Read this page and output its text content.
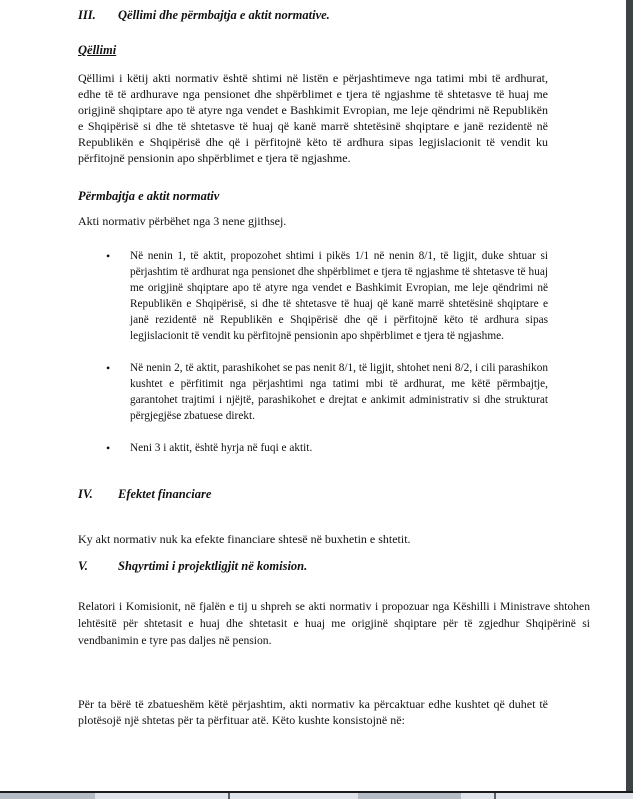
III.	Qëllimi dhe përmbajtja e aktit normative.
Qëllimi

Qëllimi i këtij akti normativ është shtimi në listën e përjashtimeve nga tatimi mbi të ardhurat, edhe të të ardhurave nga pensionet dhe shpërblimet e tjera të ngjashme të shtetasve të huaj me origjinë shqiptare apo të atyre nga vendet e Bashkimit Evropian, me leje qëndrimi në Republikën e Shqipërisë si dhe të shtetasve të huaj që kanë marrë shtetësinë shqiptare e janë rezidentë në Republikën e Shqipërisë dhe që i përfitojnë këto të ardhura sipas legjislacionit të vendit ku përfitojnë pensionin apo shpërblimet e tjera të ngjashme.

Përmbajtja e aktit normativ

Akti normativ përbëhet nga 3 nene gjithsej.

• Në nenin 1, të aktit, propozohet shtimi i pikës 1/1 në nenin 8/1, të ligjit, duke shtuar si përjashtim të ardhurat nga pensionet dhe shpërblimet e tjera të ngjashme të shtetasve të huaj me origjinë shqiptare apo të atyre nga vendet e Bashkimit Evropian, me leje qëndrimi në Republikën e Shqipërisë, si dhe të shtetasve të huaj që kanë marrë shtetësinë shqiptare e janë rezidentë në Republikën e Shqipërisë dhe që i përfitojnë këto të ardhura sipas legjislacionit të vendit ku përfitojnë pensionin apo shpërblimet e tjera të ngjashme.
• Në nenin 2, të aktit, parashikohet se pas nenit 8/1, të ligjit, shtohet neni 8/2, i cili parashikon kushtet e përfitimit nga përjashtimi nga tatimi mbi të ardhurat, me këtë përmbajtje, garantohet trajtimi i njëjtë, parashikohet e drejtat e ankimit administrativ si dhe strukturat përgjegjëse zbatuese direkt.
• Neni 3 i aktit, është hyrja në fuqi e aktit.
IV.	Efektet financiare

Ky akt normativ nuk ka efekte financiare shtesë në buxhetin e shtetit.

V.	Shqyrtimi i projektligjit në komision.

Relatori i Komisionit, në fjalën e tij u shpreh se akti normativ i propozuar nga Këshilli i Ministrave shtohen lehtësitë për shtetasit e huaj dhe shtetasit e huaj me origjinë shqiptare për të zgjedhur Shqipërinë si vendbanimin e tyre pas daljes në pension.

Për ta bërë të zbatueshëm këtë përjashtim, akti normativ ka përcaktuar edhe kushtet që duhet të plotësojë një shtetas për ta përfituar atë. Këto kushte konsistojnë në:
